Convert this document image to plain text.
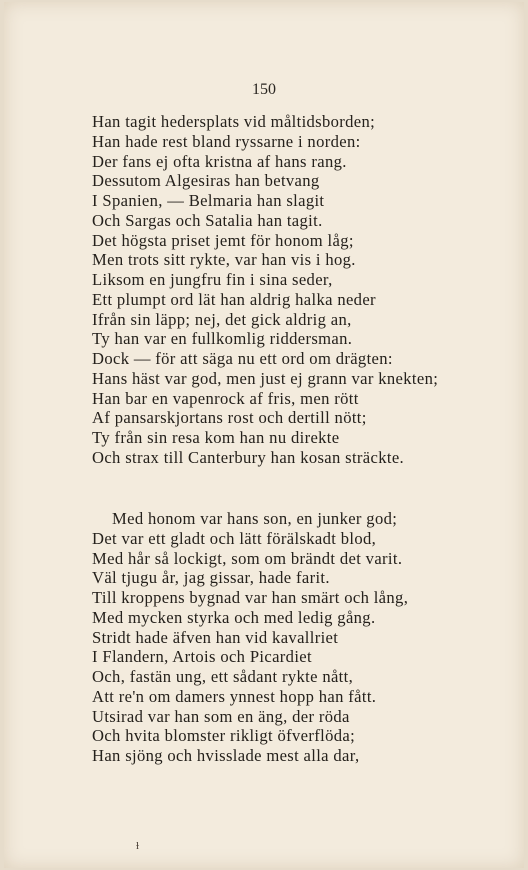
150
Han tagit hedersplats vid måltidsborden;
Han hade rest bland ryssarne i norden:
Der fans ej ofta kristna af hans rang.
Dessutom Algesiras han betvang
I Spanien, — Belmaria han slagit
Och Sargas och Satalia han tagit.
Det högsta priset jemt för honom låg;
Men trots sitt rykte, var han vis i hog.
Liksom en jungfru fin i sina seder,
Ett plumpt ord lät han aldrig halka neder
Ifrån sin läpp; nej, det gick aldrig an,
Ty han var en fullkomlig riddersman.
Dock — för att säga nu ett ord om drägten:
Hans häst var god, men just ej grann var knekten;
Han bar en vapenrock af fris, men rött
Af pansarskjortans rost och dertill nött;
Ty från sin resa kom han nu direkte
Och strax till Canterbury han kosan sträckte.
Med honom var hans son, en junker god;
Det var ett gladt och lätt förälskadt blod,
Med hår så lockigt, som om brändt det varit.
Väl tjugu år, jag gissar, hade farit.
Till kroppens bygnad var han smärt och lång,
Med mycken styrka och med ledig gång.
Stridt hade äfven han vid kavallriet
I Flandern, Artois och Picardiet
Och, fastän ung, ett sådant rykte nått,
Att re'n om damers ynnest hopp han fått.
Utsirad var han som en äng, der röda
Och hvita blomster rikligt öfverflöda;
Han sjöng och hvisslade mest alla dar,
ɫ
